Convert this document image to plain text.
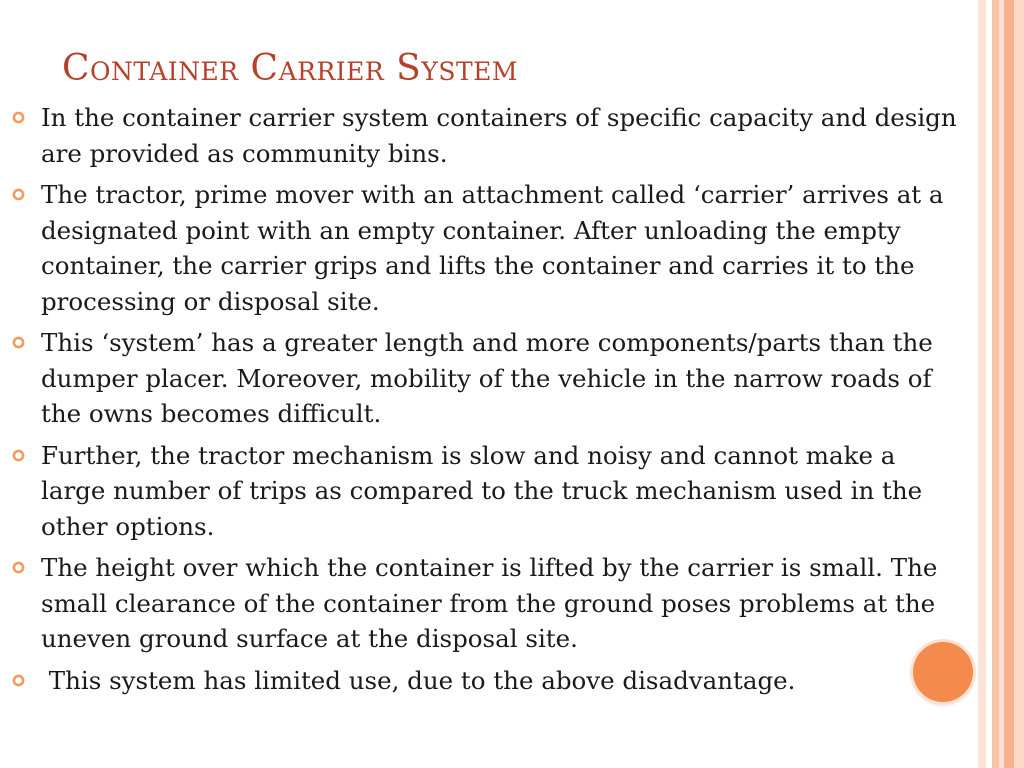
Container Carrier System
In the container carrier system containers of specific capacity and design are provided as community bins.
The tractor, prime mover with an attachment called ‘carrier’ arrives at a designated point with an empty container. After unloading the empty container, the carrier grips and lifts the container and carries it to the processing or disposal site.
This ‘system’ has a greater length and more components/parts than the dumper placer. Moreover, mobility of the vehicle in the narrow roads of the owns becomes difficult.
Further, the tractor mechanism is slow and noisy and cannot make a large number of trips as compared to the truck mechanism used in the other options.
The height over which the container is lifted by the carrier is small. The small clearance of the container from the ground poses problems at the uneven ground surface at the disposal site.
This system has limited use, due to the above disadvantage.
